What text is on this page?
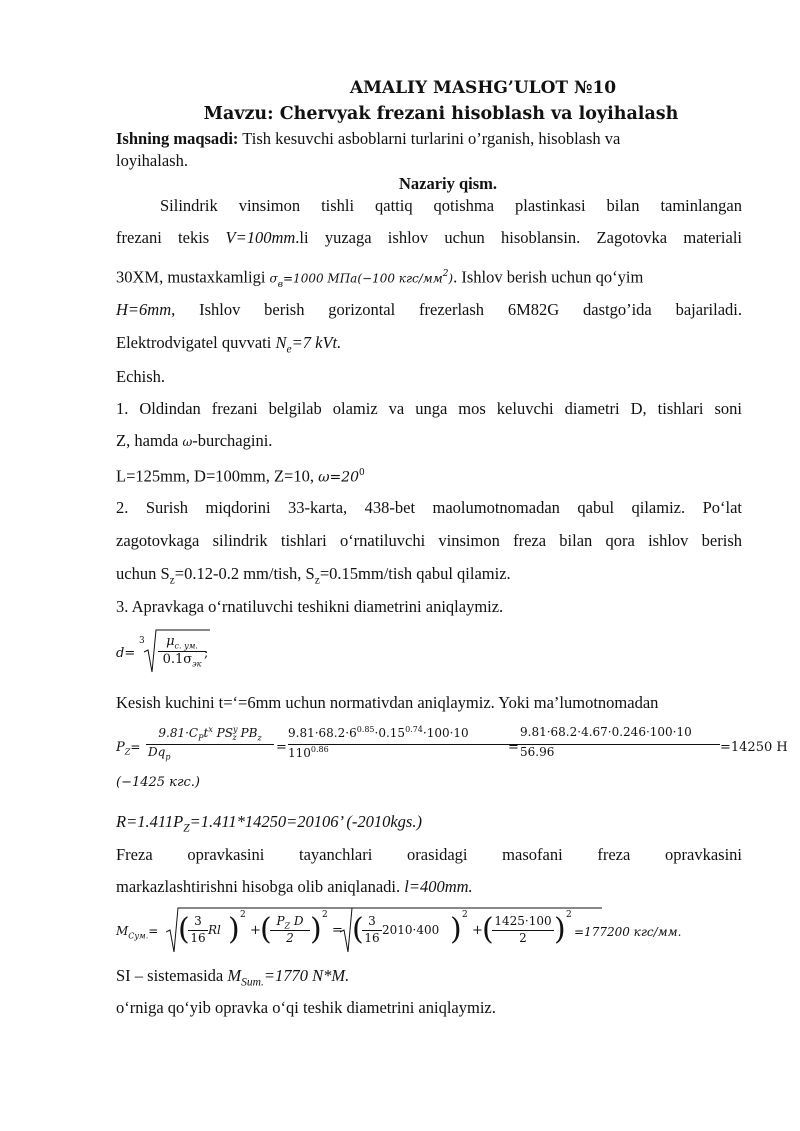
AMALIY MASHG’ULOT №10
Mavzu: Chervyak frezani hisoblash va loyihalash
Ishning maqsadi: Tish kesuvchi asboblarni turlarini o’rganish, hisoblash va
loyihalash.
Nazariy qism.
Silindrik vinsimon tishli qattiq qotishma plastinkasi bilan taminlangan
frezani tekis V=100mm.li yuzaga ishlov uchun hisoblansin. Zagotovka materiali
30XM, mustaxkamligi $\sigma_в=1000$ МПа(−100 кгс/$мм^2$). Ishlov berish uchun qo‘yim
H=6mm, Ishlov berish gorizontal frezerlash 6M82G dastgo’ida bajariladi.
Elektrodvigatel quvvati $N_e=7$ kVt.
Echish.
1. Oldindan frezani belgilab olamiz va unga mos keluvchi diametri D, tishlari soni
Z, hamda ω-burchagini.
L=125mm, D=100mm, Z=10, $\omega=20^0$
2. Surish miqdorini 33-karta, 438-bet maolumotnomadan qabul qilamiz. Po‘lat
zagotovkaga silindrik tishlari o‘rnatiluvchi vinsimon freza bilan qora ishlov berish
uchun $S_z=0.12-0.2$ mm/tish, $S_z=0.15mm$/tish qabul qilamiz.
3. Apravkaga o‘rnatiluvchi teshikni diametrini aniqlaymiz.
d=
3	$\mu_{с. ум.}$
$0.1\sigma_{эк}$
;
Kesish kuchini t=‘=6mm uchun normativdan aniqlaymiz. Yoki ma’lumotnomadan
$P_Z=$
$9.81\cdot C_Pt^x$ $PS^y_z$ $PB_z$
$Dq_p$
=
$9.81\cdot 68.2\cdot 6^{0.85}\cdot 0.15^{0.74}\cdot 100\cdot 10$
$110^{0.86}$	=
9.81·68.2·4.67·0.246·100·10
56.96	=14250 Н
(−1425 кгс.)
$R=1.411P_Z=1.411*14250=20106$’ (-2010kgs.)
Freza opravkasini tayanchlari orasidagi masofani freza opravkasini
markazlashtirishni hisobga olib aniqlanadi. l=400mm.
$M_{Сум.}=$ ( 3
16
Rl ) 2
+ ( $P_Z$ D
2 ) 2
= ( 3
16
2010·400 ) 2
+ ( 1425·100
2 ) 2
=177200 кгс/мм.
SI – sistemasida $M_{Sum.}=1770$ N*M.
o‘rniga qo‘yib opravka o‘qi teshik diametrini aniqlaymiz.
